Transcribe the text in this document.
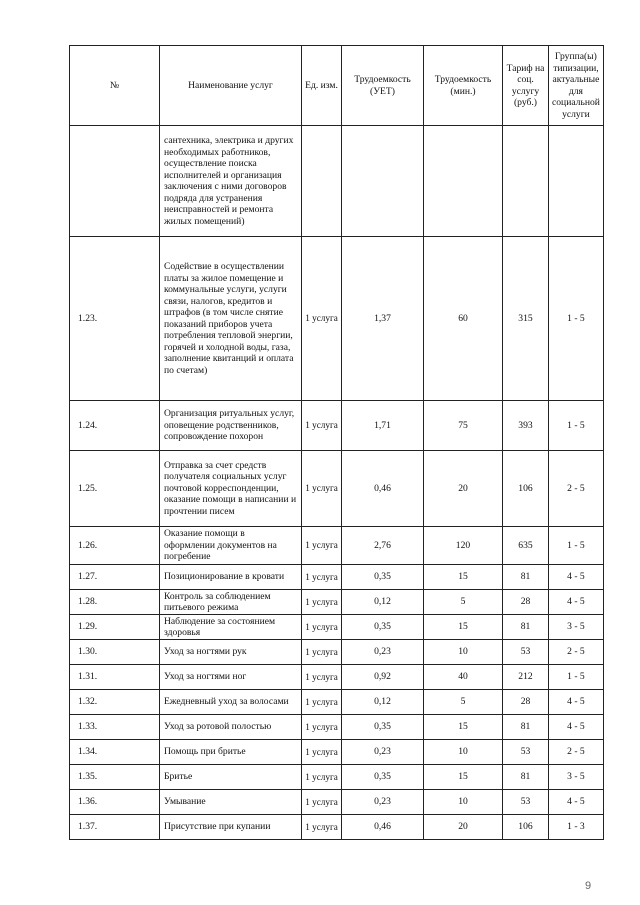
№	Наименование услуг	Ед. изм.	Трудоемкость (УЕТ)	Трудоемкость (мин.)	Тариф на соц. услугу (руб.)	Группа(ы) типизации, актуальные для социальной услуги
	сантехника, электрика и других необходимых работников, осуществление поиска исполнителей и организация заключения с ними договоров подряда для устранения неисправностей и ремонта жилых помещений)					
1.23.	Содействие в осуществлении платы за жилое помещение и коммунальные услуги, услуги связи, налогов, кредитов и штрафов (в том числе снятие показаний приборов учета потребления тепловой энергии, горячей и холодной воды, газа, заполнение квитанций и оплата по счетам)	1 услуга	1,37	60	315	1 - 5
1.24.	Организация ритуальных услуг, оповещение родственников, сопровождение похорон	1 услуга	1,71	75	393	1 - 5
1.25.	Отправка за счет средств получателя социальных услуг почтовой корреспонденции, оказание помощи в написании и прочтении писем	1 услуга	0,46	20	106	2 - 5
1.26.	Оказание помощи в оформлении документов на погребение	1 услуга	2,76	120	635	1 - 5
1.27.	Позиционирование в кровати	1 услуга	0,35	15	81	4 - 5
1.28.	Контроль за соблюдением питьевого режима	1 услуга	0,12	5	28	4 - 5
1.29.	Наблюдение за состоянием здоровья	1 услуга	0,35	15	81	3 - 5
1.30.	Уход за ногтями рук	1 услуга	0,23	10	53	2 - 5
1.31.	Уход за ногтями ног	1 услуга	0,92	40	212	1 - 5
1.32.	Ежедневный уход за волосами	1 услуга	0,12	5	28	4 - 5
1.33.	Уход за ротовой полостью	1 услуга	0,35	15	81	4 - 5
1.34.	Помощь при бритье	1 услуга	0,23	10	53	2 - 5
1.35.	Бритье	1 услуга	0,35	15	81	3 - 5
1.36.	Умывание	1 услуга	0,23	10	53	4 - 5
1.37.	Присутствие при купании	1 услуга	0,46	20	106	1 - 3
9
